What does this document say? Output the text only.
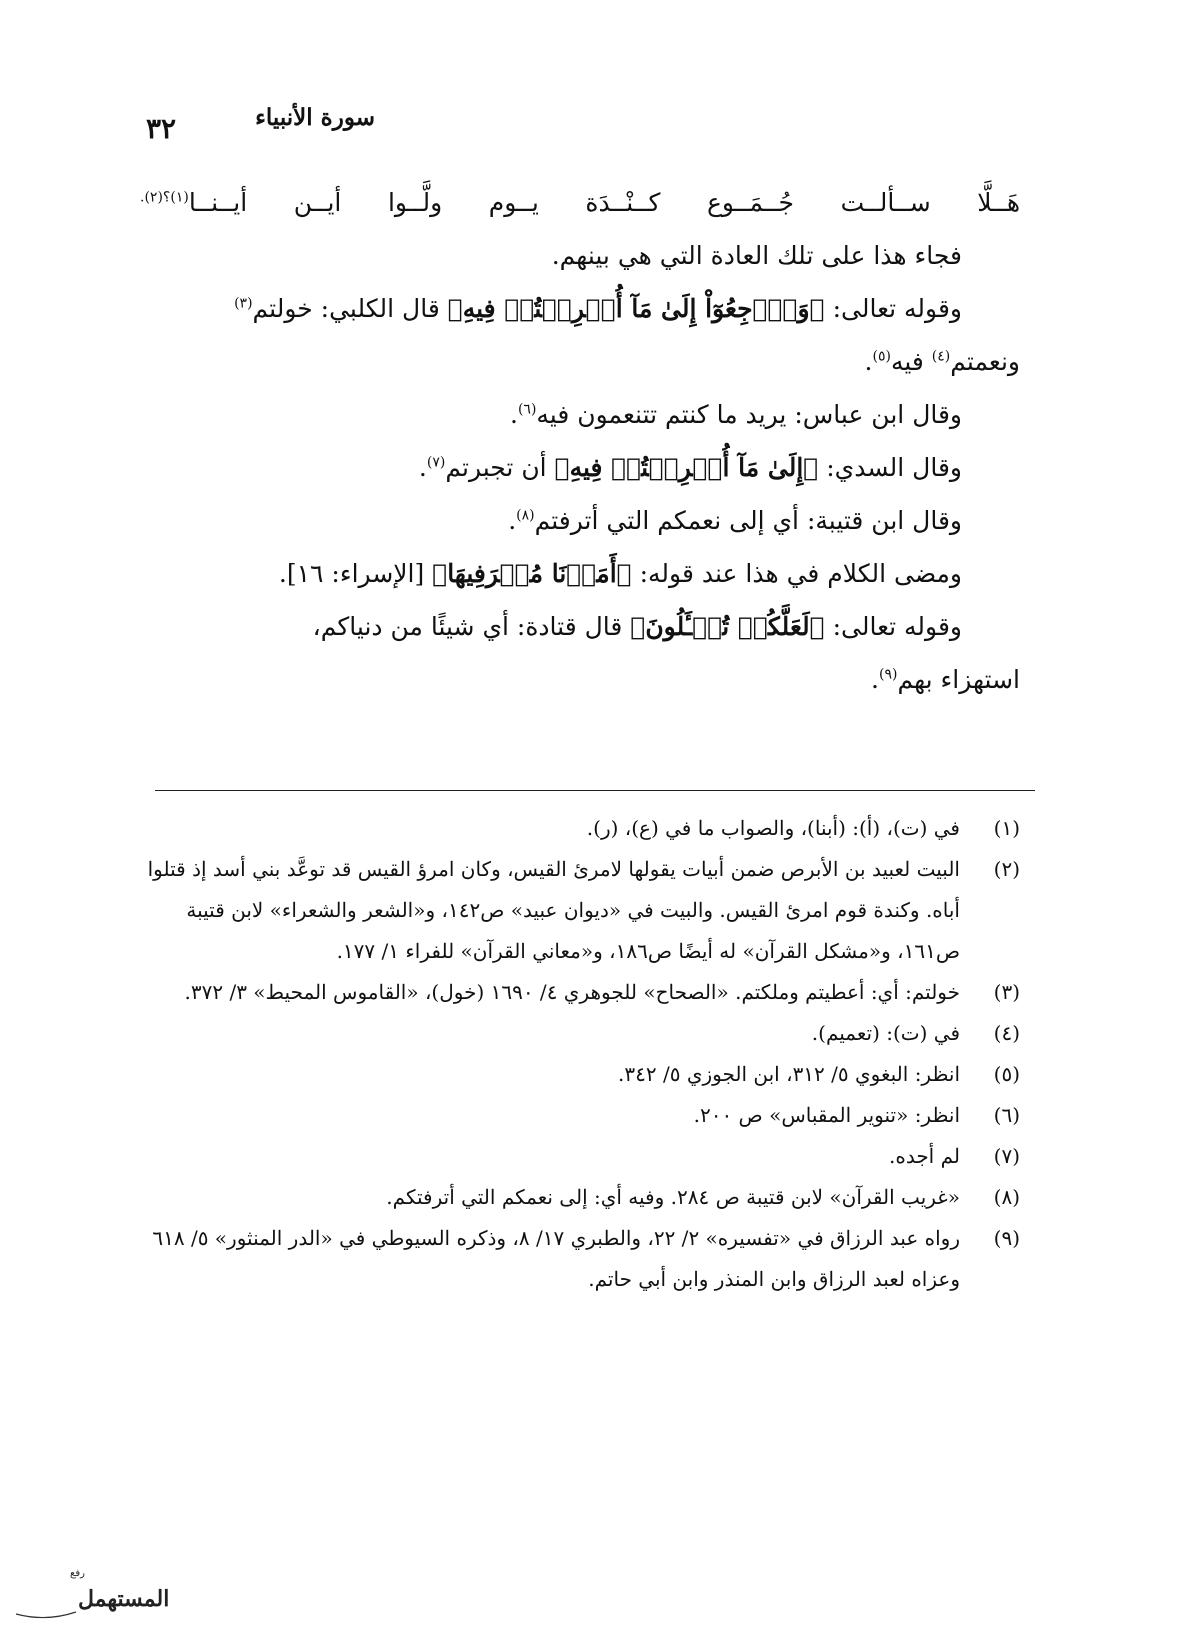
سورة الأنبياء
٣٢

هَــلَّا ســألــت جُــمَــوع كــنْــدَة يــوم ولَّــوا أيــن أيــنــا$^{(١)؟(٢).}$

فجاء هذا على تلك العادة التي هي بينهم.

وقوله تعالى: ﴿وَٱرۡجِعُوٓاْ إِلَىٰ مَآ أُتۡرِفۡتُمۡ فِيهِ﴾ قال الكلبي: خولتم$^{(٣)}$

ونعمتم$^{(٤)}$ فيه$^{(٥)}$.

وقال ابن عباس: يريد ما كنتم تتنعمون فيه$^{(٦)}$.

وقال السدي: ﴿إِلَىٰ مَآ أُتۡرِفۡتُمۡ فِيهِ﴾ أن تجبرتم$^{(٧)}$.

وقال ابن قتيبة: أي إلى نعمكم التي أترفتم$^{(٨)}$.

ومضى الكلام في هذا عند قوله: ﴿أَمَرۡنَا مُتۡرَفِيهَا﴾ [الإسراء: ١٦].

وقوله تعالى: ﴿لَعَلَّكُمۡ تُسۡـَٔلُونَ﴾ قال قتادة: أي شيئًا من دنياكم،

استهزاء بهم$^{(٩)}$.

(١)
في (ت)، (أ): (أبنا)، والصواب ما في (ع)، (ر).

(٢)
البيت لعبيد بن الأبرص ضمن أبيات يقولها لامرئ القيس، وكان امرؤ القيس قد توعَّد بني أسد إذ قتلوا أباه. وكندة قوم امرئ القيس. والبيت في «ديوان عبيد» ص١٤٢، و«الشعر والشعراء» لابن قتيبة ص١٦١، و«مشكل القرآن» له أيضًا ص١٨٦، و«معاني القرآن» للفراء ١/ ١٧٧.

(٣)
خولتم: أي: أعطيتم وملكتم. «الصحاح» للجوهري ٤/ ١٦٩٠ (خول)، «القاموس المحيط» ٣/ ٣٧٢.

(٤)
في (ت): (تعميم).

(٥)
انظر: البغوي ٥/ ٣١٢، ابن الجوزي ٥/ ٣٤٢.

(٦)
انظر: «تنوير المقباس» ص ٢٠٠.

(٧)
لم أجده.

(٨)
«غريب القرآن» لابن قتيبة ص ٢٨٤. وفيه أي: إلى نعمكم التي أترفتكم.

(٩)
رواه عبد الرزاق في «تفسيره» ٢/ ٢٢، والطبري ١٧/ ٨، وذكره السيوطي في «الدر المنثور» ٥/ ٦١٨ وعزاه لعبد الرزاق وابن المنذر وابن أبي حاتم.

رفع
المستهمل
